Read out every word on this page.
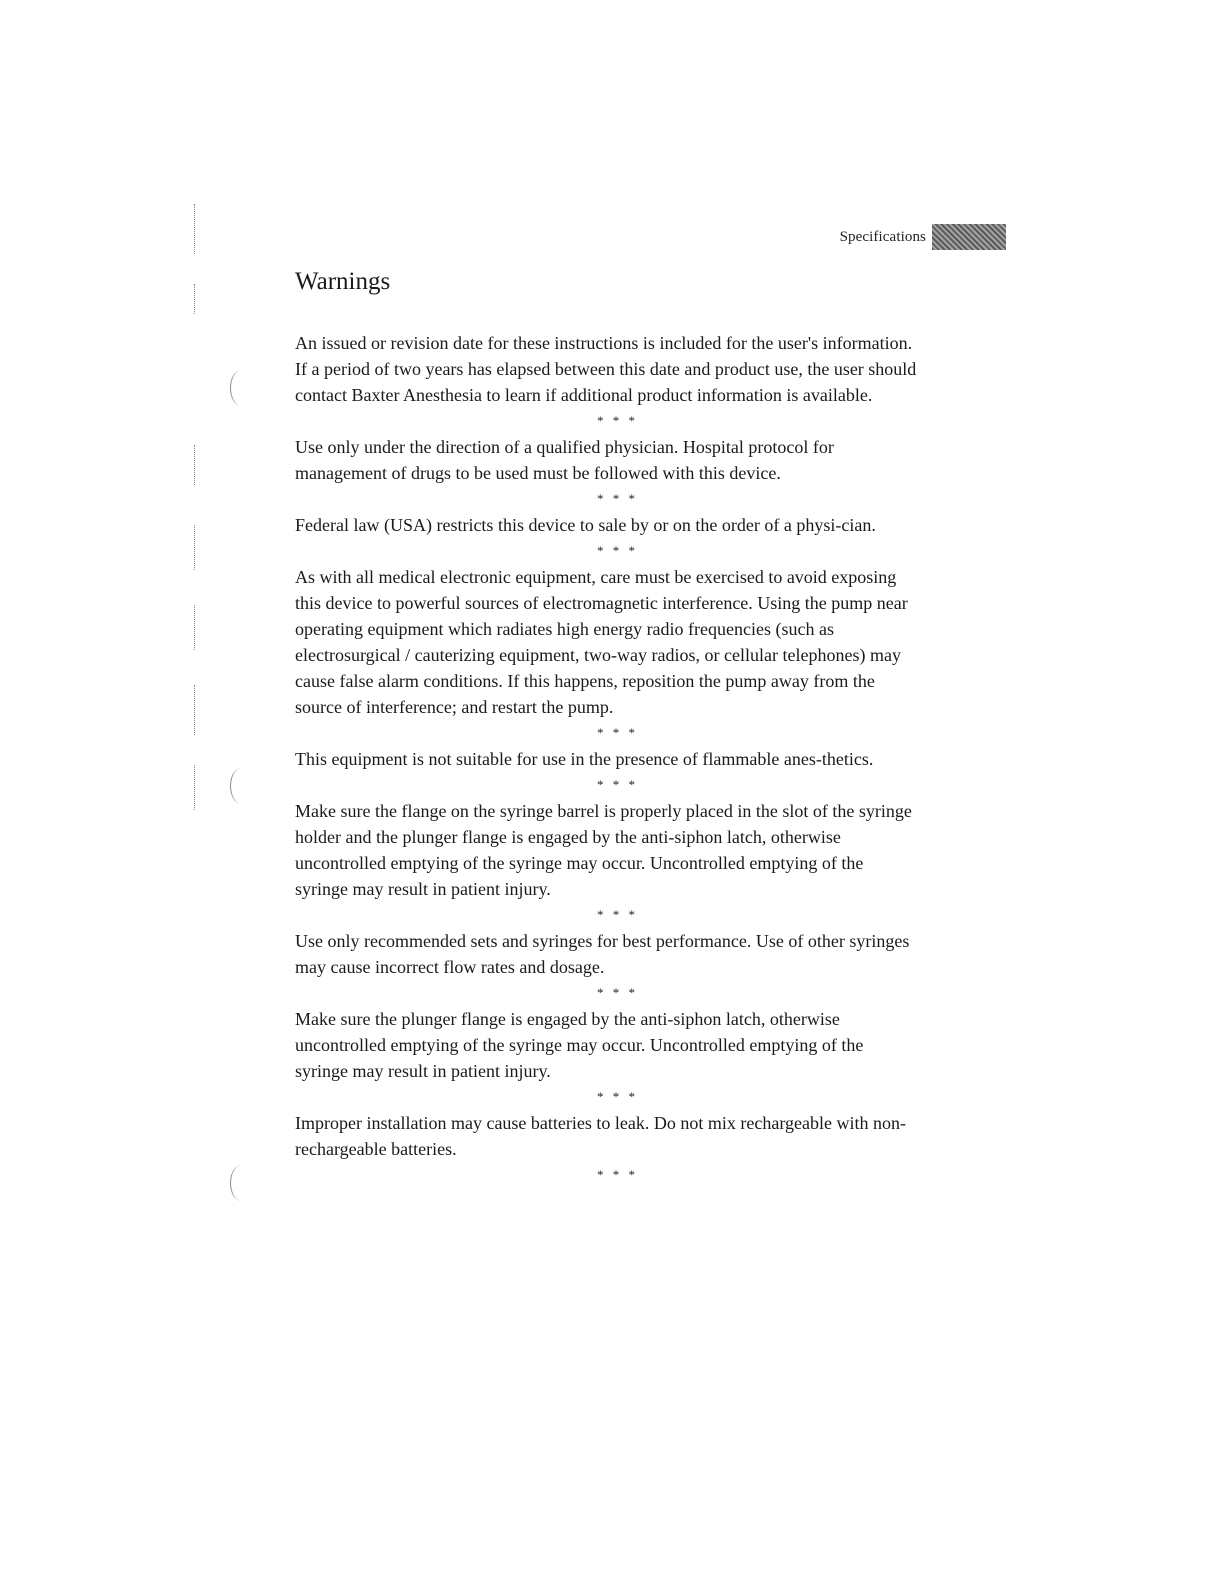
Specifications
Warnings

An issued or revision date for these instructions is included for the user's information. If a period of two years has elapsed between this date and product use, the user should contact Baxter Anesthesia to learn if additional product information is available.

* * *

Use only under the direction of a qualified physician. Hospital protocol for management of drugs to be used must be followed with this device.

* * *

Federal law (USA) restricts this device to sale by or on the order of a physi-cian.

* * *

As with all medical electronic equipment, care must be exercised to avoid exposing this device to powerful sources of electromagnetic interference. Using the pump near operating equipment which radiates high energy radio frequencies (such as electrosurgical / cauterizing equipment, two-way radios, or cellular telephones) may cause false alarm conditions. If this happens, reposition the pump away from the source of interference; and restart the pump.

* * *

This equipment is not suitable for use in the presence of flammable anes-thetics.

* * *

Make sure the flange on the syringe barrel is properly placed in the slot of the syringe holder and the plunger flange is engaged by the anti-siphon latch, otherwise uncontrolled emptying of the syringe may occur. Uncontrolled emptying of the syringe may result in patient injury.

* * *

Use only recommended sets and syringes for best performance. Use of other syringes may cause incorrect flow rates and dosage.

* * *

Make sure the plunger flange is engaged by the anti-siphon latch, otherwise uncontrolled emptying of the syringe may occur. Uncontrolled emptying of the syringe may result in patient injury.

* * *

Improper installation may cause batteries to leak. Do not mix rechargeable with non-rechargeable batteries.

* * *
